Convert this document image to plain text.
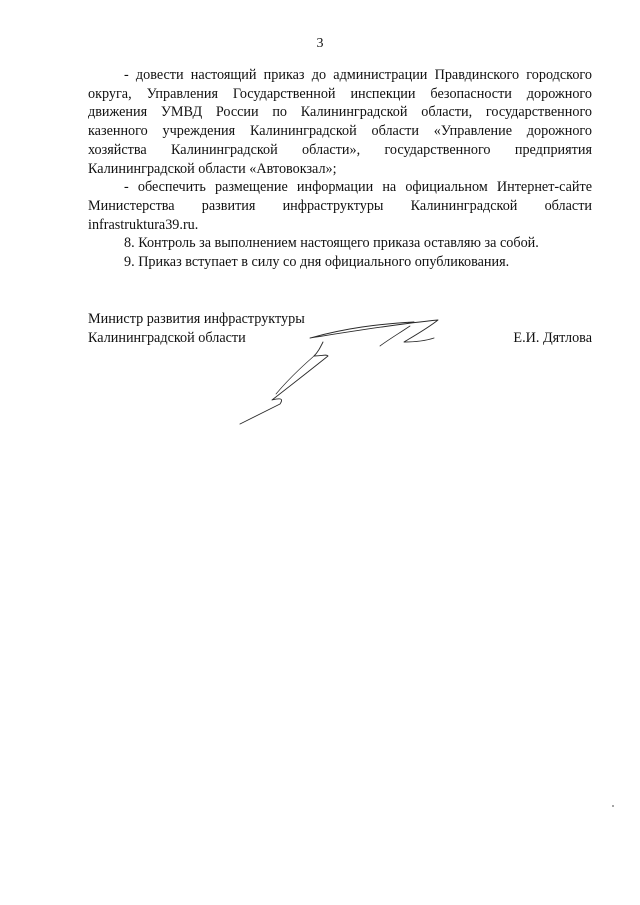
3

- довести настоящий приказ до администрации Правдинского городского округа, Управления Государственной инспекции безопасности дорожного движения УМВД России по Калининградской области, государственного казенного учреждения Калининградской области «Управление дорожного хозяйства Калининградской области», государственного предприятия Калининградской области «Автовокзал»;

- обеспечить размещение информации на официальном Интернет-сайте Министерства развития инфраструктуры Калининградской области infrastruktura39.ru.

8. Контроль за выполнением настоящего приказа оставляю за собой.

9. Приказ вступает в силу со дня официального опубликования.

Министр развития инфраструктуры
Калининградской области	Е.И. Дятлова
